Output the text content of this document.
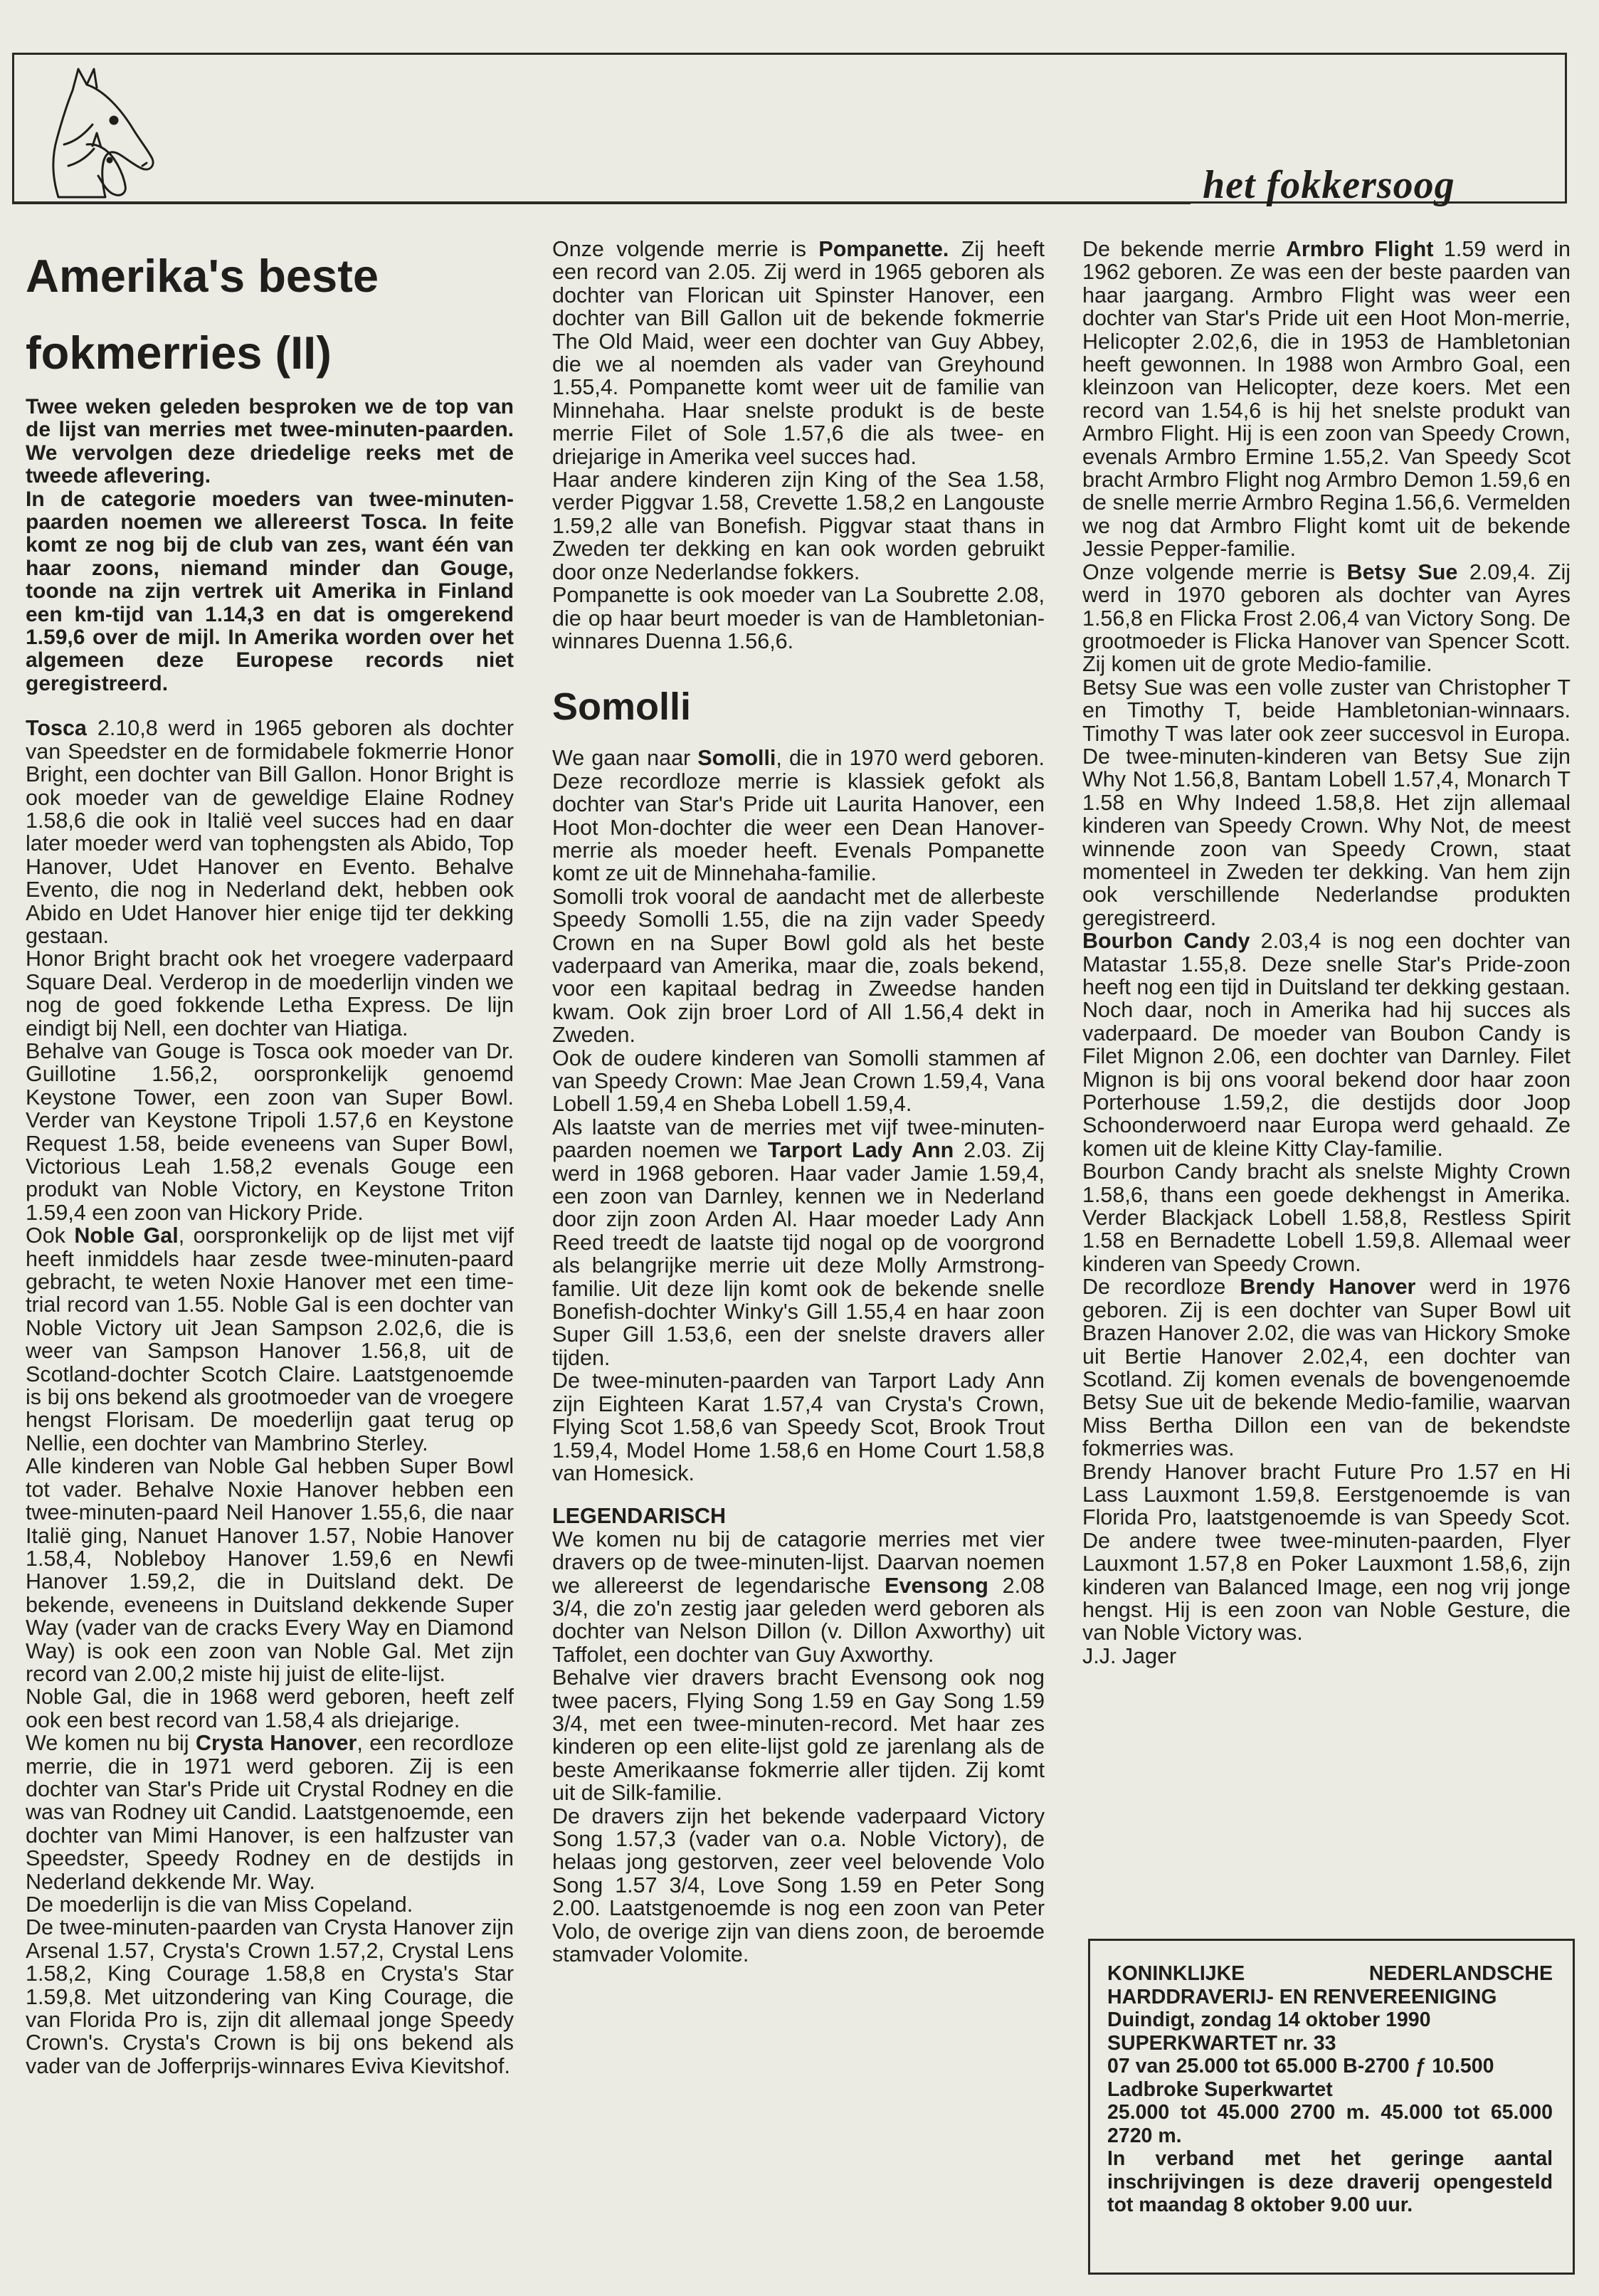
het fokkersoog
Amerika's beste fokmerries (II)

Twee weken geleden besproken we de top van de lijst van merries met twee-minuten-paarden. We vervolgen deze driedelige reeks met de tweede aflevering.

In de categorie moeders van twee-minuten-paarden noemen we allereerst Tosca. In feite komt ze nog bij de club van zes, want één van haar zoons, niemand minder dan Gouge, toonde na zijn vertrek uit Amerika in Finland een km-tijd van 1.14,3 en dat is omgerekend 1.59,6 over de mijl. In Amerika worden over het algemeen deze Europese records niet geregistreerd.

Tosca 2.10,8 werd in 1965 geboren als dochter van Speedster en de formidabele fokmerrie Honor Bright, een dochter van Bill Gallon. Honor Bright is ook moeder van de geweldige Elaine Rodney 1.58,6 die ook in Italië veel succes had en daar later moeder werd van tophengsten als Abido, Top Hanover, Udet Hanover en Evento. Behalve Evento, die nog in Nederland dekt, hebben ook Abido en Udet Hanover hier enige tijd ter dekking gestaan.

Honor Bright bracht ook het vroegere vaderpaard Square Deal. Verderop in de moederlijn vinden we nog de goed fokkende Letha Express. De lijn eindigt bij Nell, een dochter van Hiatiga.

Behalve van Gouge is Tosca ook moeder van Dr. Guillotine 1.56,2, oorspronkelijk genoemd Keystone Tower, een zoon van Super Bowl. Verder van Keystone Tripoli 1.57,6 en Keystone Request 1.58, beide eveneens van Super Bowl, Victorious Leah 1.58,2 evenals Gouge een produkt van Noble Victory, en Keystone Triton 1.59,4 een zoon van Hickory Pride.

Ook Noble Gal, oorspronkelijk op de lijst met vijf heeft inmiddels haar zesde twee-minuten-paard gebracht, te weten Noxie Hanover met een time-trial record van 1.55. Noble Gal is een dochter van Noble Victory uit Jean Sampson 2.02,6, die is weer van Sampson Hanover 1.56,8, uit de Scotland-dochter Scotch Claire. Laatstgenoemde is bij ons bekend als grootmoeder van de vroegere hengst Florisam. De moederlijn gaat terug op Nellie, een dochter van Mambrino Sterley.

Alle kinderen van Noble Gal hebben Super Bowl tot vader. Behalve Noxie Hanover hebben een twee-minuten-paard Neil Hanover 1.55,6, die naar Italië ging, Nanuet Hanover 1.57, Nobie Hanover 1.58,4, Nobleboy Hanover 1.59,6 en Newfi Hanover 1.59,2, die in Duitsland dekt. De bekende, eveneens in Duitsland dekkende Super Way (vader van de cracks Every Way en Diamond Way) is ook een zoon van Noble Gal. Met zijn record van 2.00,2 miste hij juist de elite-lijst.

Noble Gal, die in 1968 werd geboren, heeft zelf ook een best record van 1.58,4 als driejarige.

We komen nu bij Crysta Hanover, een recordloze merrie, die in 1971 werd geboren. Zij is een dochter van Star's Pride uit Crystal Rodney en die was van Rodney uit Candid. Laatstgenoemde, een dochter van Mimi Hanover, is een halfzuster van Speedster, Speedy Rodney en de destijds in Nederland dekkende Mr. Way.

De moederlijn is die van Miss Copeland.

De twee-minuten-paarden van Crysta Hanover zijn Arsenal 1.57, Crysta's Crown 1.57,2, Crystal Lens 1.58,2, King Courage 1.58,8 en Crysta's Star 1.59,8. Met uitzondering van King Courage, die van Florida Pro is, zijn dit allemaal jonge Speedy Crown's. Crysta's Crown is bij ons bekend als vader van de Jofferprijs-winnares Eviva Kievitshof.

Onze volgende merrie is Pompanette. Zij heeft een record van 2.05. Zij werd in 1965 geboren als dochter van Florican uit Spinster Hanover, een dochter van Bill Gallon uit de bekende fokmerrie The Old Maid, weer een dochter van Guy Abbey, die we al noemden als vader van Greyhound 1.55,4. Pompanette komt weer uit de familie van Minnehaha. Haar snelste produkt is de beste merrie Filet of Sole 1.57,6 die als twee- en driejarige in Amerika veel succes had.

Haar andere kinderen zijn King of the Sea 1.58, verder Piggvar 1.58, Crevette 1.58,2 en Langouste 1.59,2 alle van Bonefish. Piggvar staat thans in Zweden ter dekking en kan ook worden gebruikt door onze Nederlandse fokkers.

Pompanette is ook moeder van La Soubrette 2.08, die op haar beurt moeder is van de Hambletonian-winnares Duenna 1.56,6.

Somolli

We gaan naar Somolli, die in 1970 werd geboren. Deze recordloze merrie is klassiek gefokt als dochter van Star's Pride uit Laurita Hanover, een Hoot Mon-dochter die weer een Dean Hanover-merrie als moeder heeft. Evenals Pompanette komt ze uit de Minnehaha-familie.

Somolli trok vooral de aandacht met de allerbeste Speedy Somolli 1.55, die na zijn vader Speedy Crown en na Super Bowl gold als het beste vaderpaard van Amerika, maar die, zoals bekend, voor een kapitaal bedrag in Zweedse handen kwam. Ook zijn broer Lord of All 1.56,4 dekt in Zweden.

Ook de oudere kinderen van Somolli stammen af van Speedy Crown: Mae Jean Crown 1.59,4, Vana Lobell 1.59,4 en Sheba Lobell 1.59,4.

Als laatste van de merries met vijf twee-minuten-paarden noemen we Tarport Lady Ann 2.03. Zij werd in 1968 geboren. Haar vader Jamie 1.59,4, een zoon van Darnley, kennen we in Nederland door zijn zoon Arden Al. Haar moeder Lady Ann Reed treedt de laatste tijd nogal op de voorgrond als belangrijke merrie uit deze Molly Armstrong-familie. Uit deze lijn komt ook de bekende snelle Bonefish-dochter Winky's Gill 1.55,4 en haar zoon Super Gill 1.53,6, een der snelste dravers aller tijden.

De twee-minuten-paarden van Tarport Lady Ann zijn Eighteen Karat 1.57,4 van Crysta's Crown, Flying Scot 1.58,6 van Speedy Scot, Brook Trout 1.59,4, Model Home 1.58,6 en Home Court 1.58,8 van Homesick.

LEGENDARISCH

We komen nu bij de catagorie merries met vier dravers op de twee-minuten-lijst. Daarvan noemen we allereerst de legendarische Evensong 2.08 3/4, die zo'n zestig jaar geleden werd geboren als dochter van Nelson Dillon (v. Dillon Axworthy) uit Taffolet, een dochter van Guy Axworthy.

Behalve vier dravers bracht Evensong ook nog twee pacers, Flying Song 1.59 en Gay Song 1.59 3/4, met een twee-minuten-record. Met haar zes kinderen op een elite-lijst gold ze jarenlang als de beste Amerikaanse fokmerrie aller tijden. Zij komt uit de Silk-familie.

De dravers zijn het bekende vaderpaard Victory Song 1.57,3 (vader van o.a. Noble Victory), de helaas jong gestorven, zeer veel belovende Volo Song 1.57 3/4, Love Song 1.59 en Peter Song 2.00. Laatstgenoemde is nog een zoon van Peter Volo, de overige zijn van diens zoon, de beroemde stamvader Volomite.

De bekende merrie Armbro Flight 1.59 werd in 1962 geboren. Ze was een der beste paarden van haar jaargang. Armbro Flight was weer een dochter van Star's Pride uit een Hoot Mon-merrie, Helicopter 2.02,6, die in 1953 de Hambletonian heeft gewonnen. In 1988 won Armbro Goal, een kleinzoon van Helicopter, deze koers. Met een record van 1.54,6 is hij het snelste produkt van Armbro Flight. Hij is een zoon van Speedy Crown, evenals Armbro Ermine 1.55,2. Van Speedy Scot bracht Armbro Flight nog Armbro Demon 1.59,6 en de snelle merrie Armbro Regina 1.56,6. Vermelden we nog dat Armbro Flight komt uit de bekende Jessie Pepper-familie.

Onze volgende merrie is Betsy Sue 2.09,4. Zij werd in 1970 geboren als dochter van Ayres 1.56,8 en Flicka Frost 2.06,4 van Victory Song. De grootmoeder is Flicka Hanover van Spencer Scott. Zij komen uit de grote Medio-familie.

Betsy Sue was een volle zuster van Christopher T en Timothy T, beide Hambletonian-winnaars. Timothy T was later ook zeer succesvol in Europa. De twee-minuten-kinderen van Betsy Sue zijn Why Not 1.56,8, Bantam Lobell 1.57,4, Monarch T 1.58 en Why Indeed 1.58,8. Het zijn allemaal kinderen van Speedy Crown. Why Not, de meest winnende zoon van Speedy Crown, staat momenteel in Zweden ter dekking. Van hem zijn ook verschillende Nederlandse produkten geregistreerd.

Bourbon Candy 2.03,4 is nog een dochter van Matastar 1.55,8. Deze snelle Star's Pride-zoon heeft nog een tijd in Duitsland ter dekking gestaan. Noch daar, noch in Amerika had hij succes als vaderpaard. De moeder van Boubon Candy is Filet Mignon 2.06, een dochter van Darnley. Filet Mignon is bij ons vooral bekend door haar zoon Porterhouse 1.59,2, die destijds door Joop Schoonderwoerd naar Europa werd gehaald. Ze komen uit de kleine Kitty Clay-familie.

Bourbon Candy bracht als snelste Mighty Crown 1.58,6, thans een goede dekhengst in Amerika. Verder Blackjack Lobell 1.58,8, Restless Spirit 1.58 en Bernadette Lobell 1.59,8. Allemaal weer kinderen van Speedy Crown.

De recordloze Brendy Hanover werd in 1976 geboren. Zij is een dochter van Super Bowl uit Brazen Hanover 2.02, die was van Hickory Smoke uit Bertie Hanover 2.02,4, een dochter van Scotland. Zij komen evenals de bovengenoemde Betsy Sue uit de bekende Medio-familie, waarvan Miss Bertha Dillon een van de bekendste fokmerries was.

Brendy Hanover bracht Future Pro 1.57 en Hi Lass Lauxmont 1.59,8. Eerstgenoemde is van Florida Pro, laatstgenoemde is van Speedy Scot. De andere twee twee-minuten-paarden, Flyer Lauxmont 1.57,8 en Poker Lauxmont 1.58,6, zijn kinderen van Balanced Image, een nog vrij jonge hengst. Hij is een zoon van Noble Gesture, die van Noble Victory was.

J.J. Jager

KONINKLIJKE NEDERLANDSCHE HARDDRAVERIJ- EN RENVEREENIGING

Duindigt, zondag 14 oktober 1990

SUPERKWARTET nr. 33

07 van 25.000 tot 65.000 B-2700 ƒ 10.500

Ladbroke Superkwartet

25.000 tot 45.000 2700 m. 45.000 tot 65.000 2720 m.

In verband met het geringe aantal inschrijvingen is deze draverij opengesteld tot maandag 8 oktober 9.00 uur.
